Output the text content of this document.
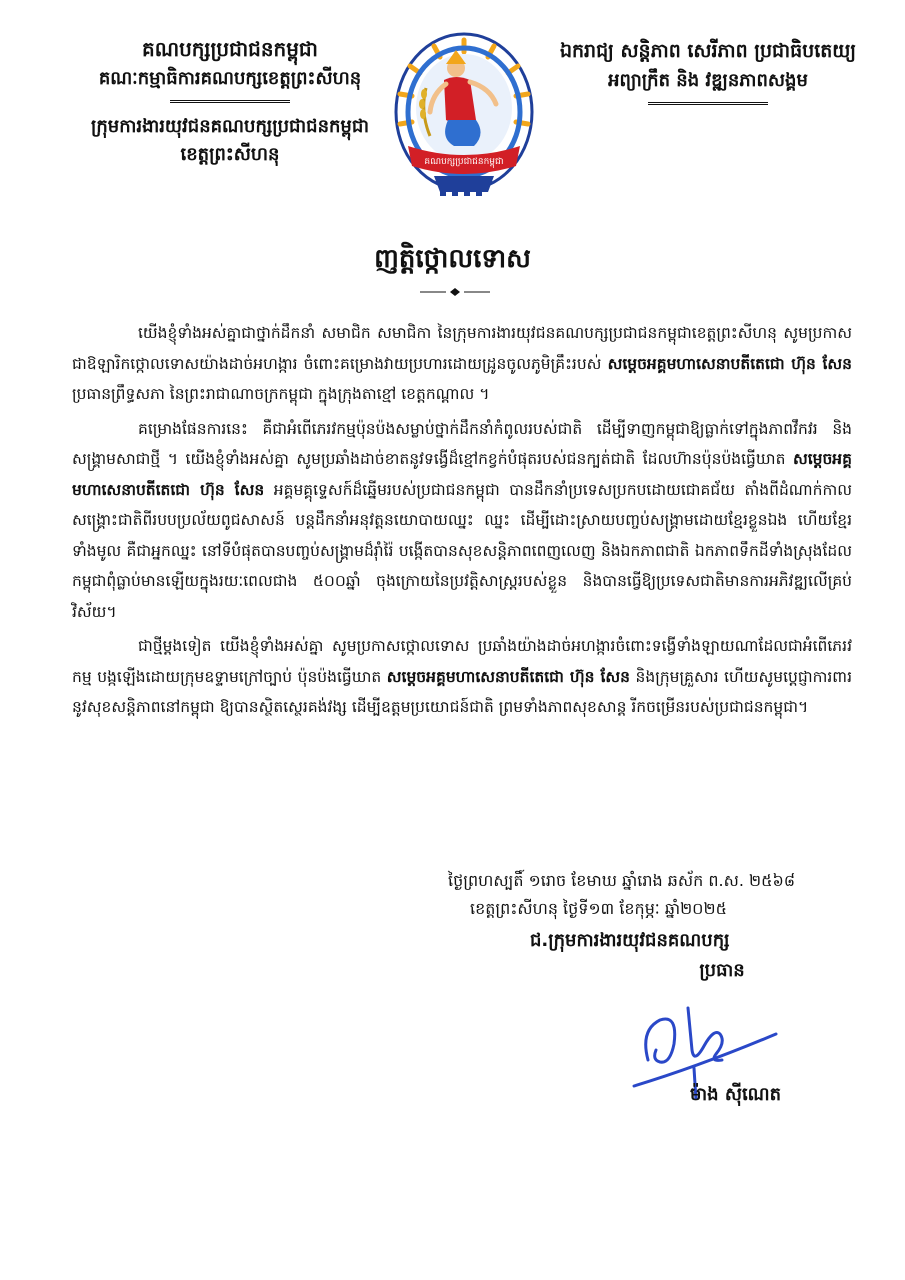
គណបក្សប្រជាជនកម្ពុជា
គណៈកម្មាធិការគណបក្សខេត្តព្រះសីហនុ
ក្រុមការងារយុវជនគណបក្សប្រជាជនកម្ពុជា
ខេត្តព្រះសីហនុ	គណបក្សប្រជាជនកម្ពុជា
ឯករាជ្យ សន្តិភាព សេរីភាព ប្រជាធិបតេយ្យ
អព្យាក្រឹត និង វឌ្ឍនភាពសង្គម
ញត្តិថ្កោលទោស

យើងខ្ញុំទាំងអស់គ្នាជាថ្នាក់ដឹកនាំ សមាជិក សមាជិកា នៃក្រុមការងារយុវជនគណបក្សប្រជាជនកម្ពុជាខេត្តព្រះសីហនុ សូមប្រកាសជាឱឡារិកថ្កោលទោសយ៉ាងដាច់អហង្ការ ចំពោះគម្រោងវាយប្រហារដោយដ្រូនចូលភូមិគ្រឹះរបស់ សម្តេចអគ្គមហាសេនាបតីតេជោ ហ៊ុន សែន ប្រធានព្រឹទ្ធសភា នៃព្រះរាជាណាចក្រកម្ពុជា ក្នុងក្រុងតាខ្មៅ ខេត្តកណ្តាល ។

គម្រោងផែនការនេះ គឺជាអំពើភេរវកម្មប៉ុនប៉ងសម្លាប់ថ្នាក់ដឹកនាំកំពូលរបស់ជាតិ ដើម្បីទាញកម្ពុជាឱ្យធ្លាក់ទៅក្នុងភាពវឹកវរ និងសង្គ្រាមសាជាថ្មី ។ យើងខ្ញុំទាំងអស់គ្នា សូមប្រឆាំងដាច់ខាតនូវទង្វើដ៏ខ្មៅកខ្វក់បំផុតរបស់ជនក្បត់ជាតិ ដែលហ៊ានប៉ុនប៉ងធ្វើឃាត សម្តេចអគ្គមហាសេនាបតីតេជោ ហ៊ុន សែន អគ្គមគ្គុទ្ទេសក៍ដ៏ឆ្នើមរបស់ប្រជាជនកម្ពុជា បានដឹកនាំប្រទេសប្រកបដោយជោគជ័យ តាំងពីដំណាក់កាលសង្គ្រោះជាតិពីរបបប្រល័យពូជសាសន៍ បន្តដឹកនាំអនុវត្តនយោបាយឈ្នះ ឈ្នះ ដើម្បីដោះស្រាយបញ្ចប់សង្គ្រាមដោយខ្មែរខ្លួនឯង ហើយខ្មែរទាំងមូល គឺជាអ្នកឈ្នះ នៅទីបំផុតបានបញ្ចប់សង្គ្រាមដ៏រ៉ាំរ៉ៃ បង្កើតបានសុខសន្តិភាពពេញលេញ និងឯកភាពជាតិ ឯកភាពទឹកដីទាំងស្រុងដែលកម្ពុជាពុំធ្លាប់មានឡើយក្នុងរយៈពេលជាង ៥០០ឆ្នាំ ចុងក្រោយនៃប្រវត្តិសាស្ត្ររបស់ខ្លួន និងបានធ្វើឱ្យប្រទេសជាតិមានការអភិវឌ្ឍលើគ្រប់វិស័យ។

ជាថ្មីម្តងទៀត យើងខ្ញុំទាំងអស់គ្នា សូមប្រកាសថ្កោលទោស ប្រឆាំងយ៉ាងដាច់អហង្ការចំពោះទង្វើទាំងឡាយណាដែលជាអំពើភេរវកម្ម បង្កឡើងដោយក្រុមឧទ្ទាមក្រៅច្បាប់ ប៉ុនប៉ងធ្វើឃាត សម្តេចអគ្គមហាសេនាបតីតេជោ ហ៊ុន សែន និងក្រុមគ្រួសារ ហើយសូមប្តេជ្ញាការពារនូវសុខសន្តិភាពនៅកម្ពុជា ឱ្យបានស្ថិតស្ថេរគង់វង្ស ដើម្បីឧត្តមប្រយោជន៍ជាតិ ព្រមទាំងភាពសុខសាន្ត រីកចម្រើនរបស់ប្រជាជនកម្ពុជា។

ថ្ងៃព្រហស្បតិ៍ ១រោច ខែមាឃ ឆ្នាំរោង ឆស័ក ព.ស. ២៥៦៨
ខេត្តព្រះសីហនុ ថ្ងៃទី១៣ ខែកុម្ភៈ ឆ្នាំ២០២៥
ជ.ក្រុមការងារយុវជនគណបក្ស
ប្រធាន
ម៉ាង ស៊ីណេត
